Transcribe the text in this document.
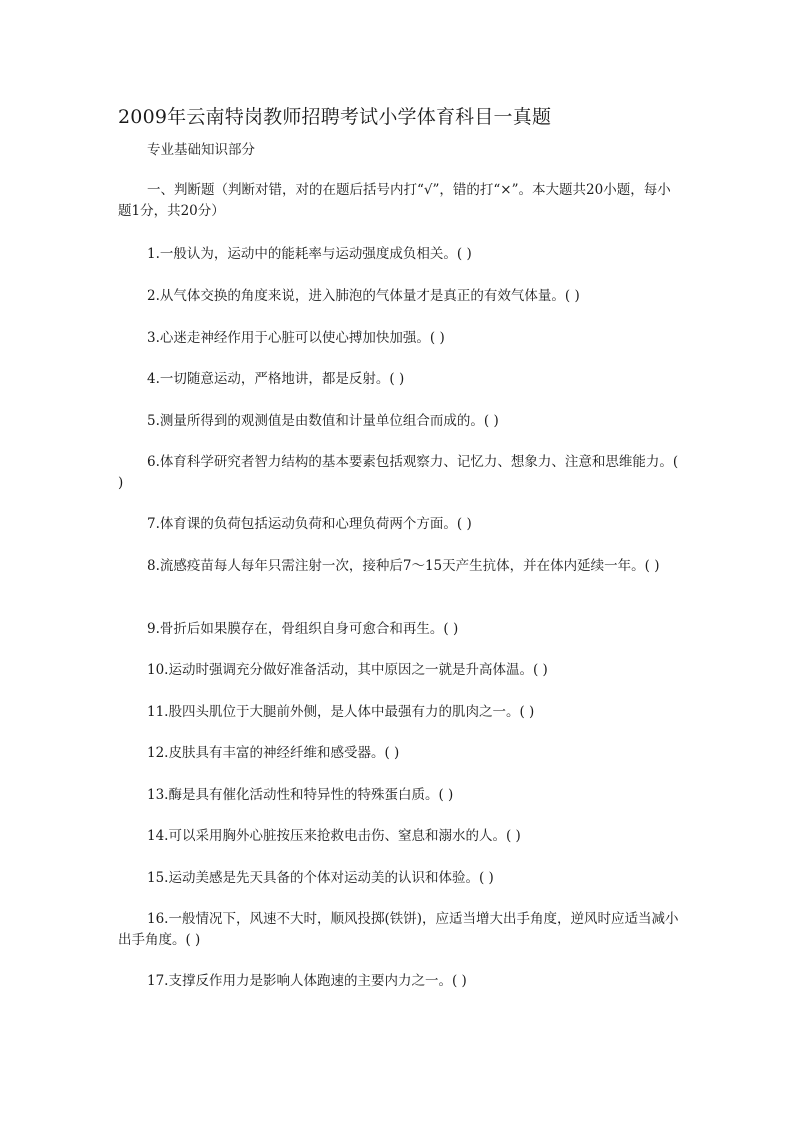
2009年云南特岗教师招聘考试小学体育科目一真题
专业基础知识部分

一、判断题（判断对错，对的在题后括号内打“√”，错的打“×”。本大题共20小题，每小题1分，共20分）

1.一般认为，运动中的能耗率与运动强度成负相关。( )

2.从气体交换的角度来说，进入肺泡的气体量才是真正的有效气体量。( )

3.心迷走神经作用于心脏可以使心搏加快加强。( )

4.一切随意运动，严格地讲，都是反射。( )

5.测量所得到的观测值是由数值和计量单位组合而成的。( )

6.体育科学研究者智力结构的基本要素包括观察力、记忆力、想象力、注意和思维能力。( )

7.体育课的负荷包括运动负荷和心理负荷两个方面。( )

8.流感疫苗每人每年只需注射一次，接种后7～15天产生抗体，并在体内延续一年。( )

9.骨折后如果膜存在，骨组织自身可愈合和再生。( )

10.运动时强调充分做好准备活动，其中原因之一就是升高体温。( )

11.股四头肌位于大腿前外侧，是人体中最强有力的肌肉之一。( )

12.皮肤具有丰富的神经纤维和感受器。( )

13.酶是具有催化活动性和特异性的特殊蛋白质。( )

14.可以采用胸外心脏按压来抢救电击伤、窒息和溺水的人。( )

15.运动美感是先天具备的个体对运动美的认识和体验。( )

16.一般情况下，风速不大时，顺风投掷(铁饼)，应适当增大出手角度，逆风时应适当减小出手角度。( )

17.支撑反作用力是影响人体跑速的主要内力之一。( )
